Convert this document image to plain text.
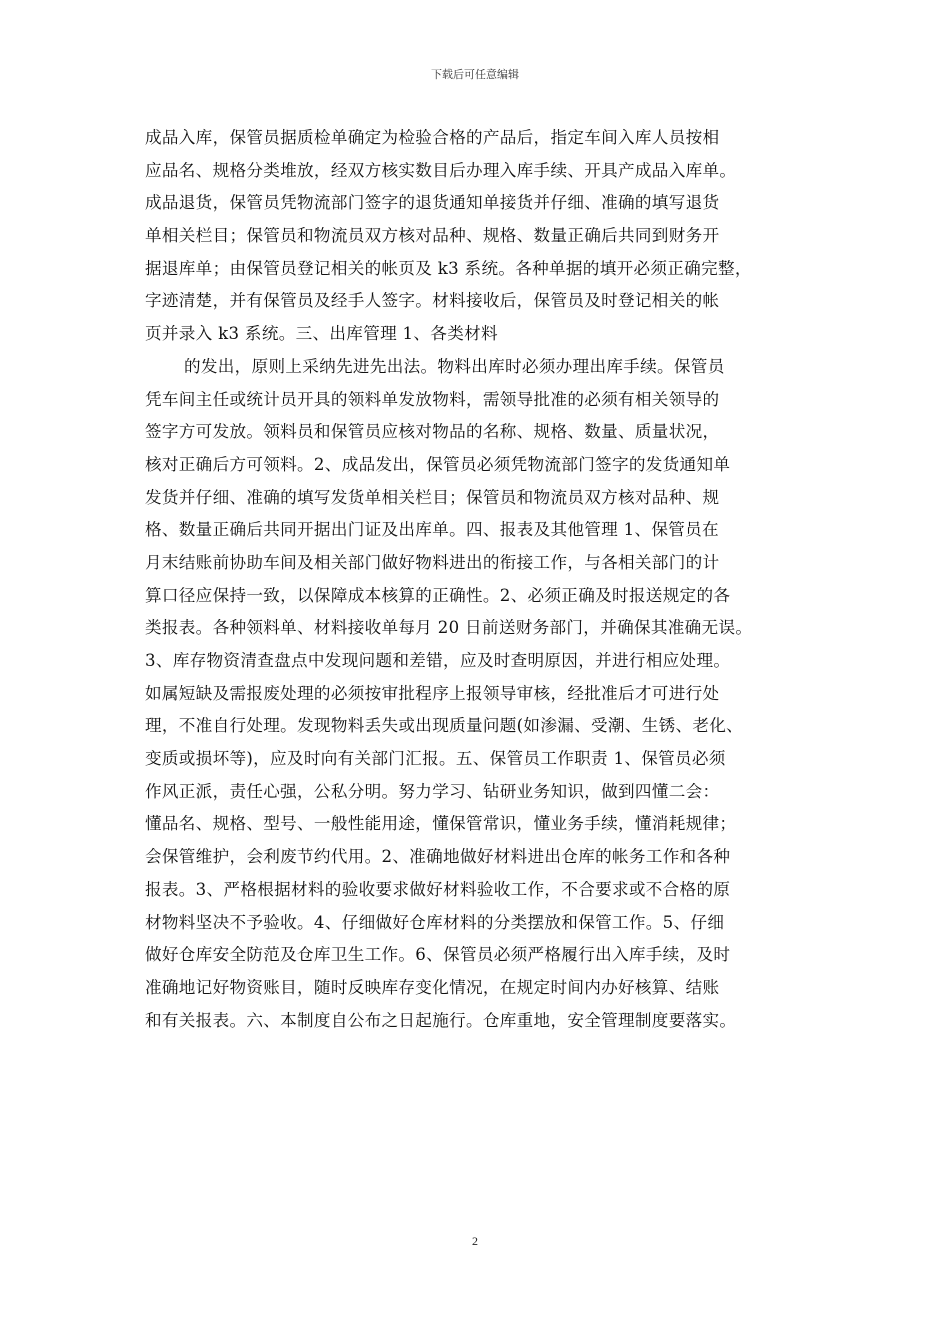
下载后可任意编辑
成品入库，保管员据质检单确定为检验合格的产品后，指定车间入库人员按相
应品名、规格分类堆放，经双方核实数目后办理入库手续、开具产成品入库单。
成品退货，保管员凭物流部门签字的退货通知单接货并仔细、准确的填写退货
单相关栏目；保管员和物流员双方核对品种、规格、数量正确后共同到财务开
据退库单；由保管员登记相关的帐页及 k3 系统。各种单据的填开必须正确完整，
字迹清楚，并有保管员及经手人签字。材料接收后，保管员及时登记相关的帐
页并录入 k3 系统。三、出库管理 1、各类材料
的发出，原则上采纳先进先出法。物料出库时必须办理出库手续。保管员
凭车间主任或统计员开具的领料单发放物料，需领导批准的必须有相关领导的
签字方可发放。领料员和保管员应核对物品的名称、规格、数量、质量状况，
核对正确后方可领料。2、成品发出，保管员必须凭物流部门签字的发货通知单
发货并仔细、准确的填写发货单相关栏目；保管员和物流员双方核对品种、规
格、数量正确后共同开据出门证及出库单。四、报表及其他管理 1、保管员在
月末结账前协助车间及相关部门做好物料进出的衔接工作，与各相关部门的计
算口径应保持一致，以保障成本核算的正确性。2、必须正确及时报送规定的各
类报表。各种领料单、材料接收单每月 20 日前送财务部门，并确保其准确无误。
3、库存物资清查盘点中发现问题和差错，应及时查明原因，并进行相应处理。
如属短缺及需报废处理的必须按审批程序上报领导审核，经批准后才可进行处
理，不准自行处理。发现物料丢失或出现质量问题(如渗漏、受潮、生锈、老化、
变质或损坏等)，应及时向有关部门汇报。五、保管员工作职责 1、保管员必须
作风正派，责任心强，公私分明。努力学习、钻研业务知识，做到四懂二会：
懂品名、规格、型号、一般性能用途，懂保管常识，懂业务手续，懂消耗规律；
会保管维护，会利废节约代用。2、准确地做好材料进出仓库的帐务工作和各种
报表。3、严格根据材料的验收要求做好材料验收工作，不合要求或不合格的原
材物料坚决不予验收。4、仔细做好仓库材料的分类摆放和保管工作。5、仔细
做好仓库安全防范及仓库卫生工作。6、保管员必须严格履行出入库手续，及时
准确地记好物资账目，随时反映库存变化情况，在规定时间内办好核算、结账
和有关报表。六、本制度自公布之日起施行。仓库重地，安全管理制度要落实。
2
